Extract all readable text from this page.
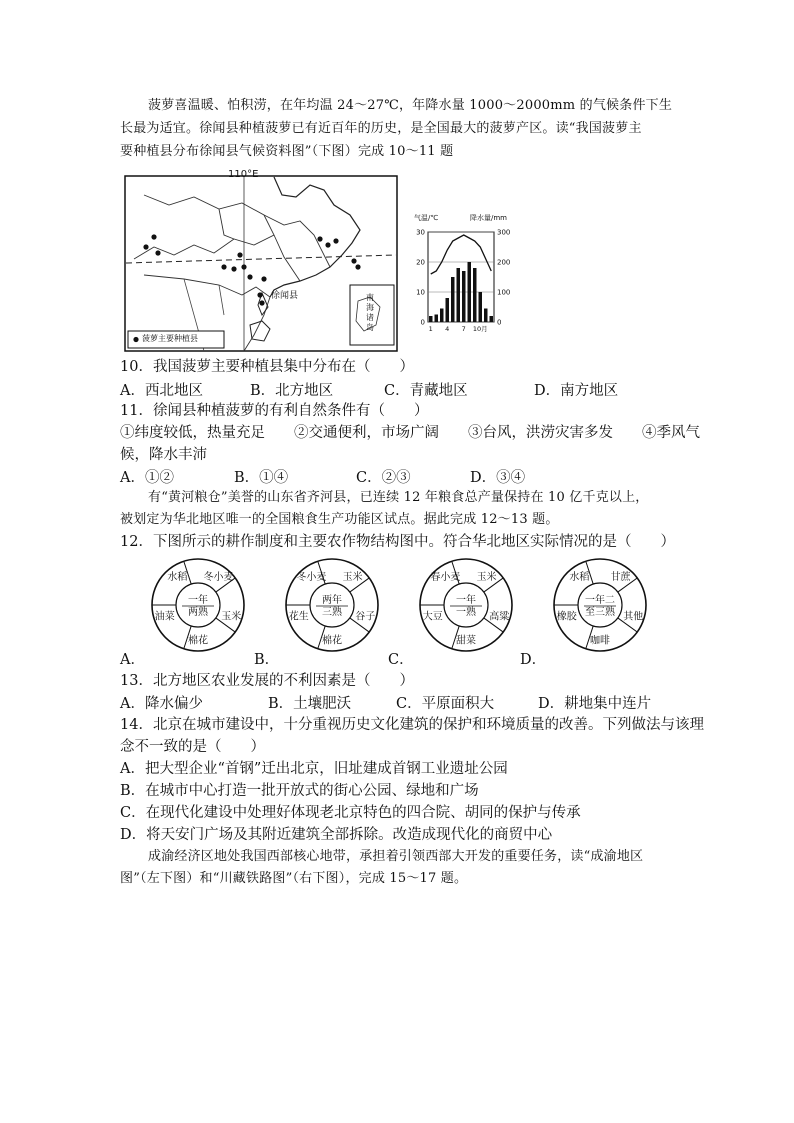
菠萝喜温暖、怕积涝，在年均温 24～27℃，年降水量 1000～2000mm 的气候条件下生
长最为适宜。徐闻县种植菠萝已有近百年的历史，是全国最大的菠萝产区。读“我国菠萝主
要种植县分布徐闻县气候资料图”（下图）完成 10～11 题
110°E
徐闻县	南海诸岛
菠萝主要种植县
气温/℃	降水量/mm
30
20
10
0
300
200
100
0
1 4 7 10月
10．我国菠萝主要种植县集中分布在（　　）
A．西北地区	B．北方地区	C．青藏地区	D．南方地区
11．徐闻县种植菠萝的有利自然条件有（　　）
①纬度较低，热量充足　　②交通便利，市场广阔　　③台风，洪涝灾害多发　　④季风气
候，降水丰沛
A．①②	B．①④	C．②③	D．③④
有“黄河粮仓”美誉的山东省齐河县，已连续 12 年粮食总产量保持在 10 亿千克以上，
被划定为华北地区唯一的全国粮食生产功能区试点。据此完成 12～13 题。
12．下图所示的耕作制度和主要农作物结构图中。符合华北地区实际情况的是（　　）
水稻 冬小麦
玉米
棉花
油菜
一年
两熟
冬小麦 玉米
谷子
棉花
花生
两年
三熟
春小麦 玉米
高粱
甜菜
大豆
一年
一熟
水稻 甘蔗
其他
咖啡
橡胶
一年二
至三熟
A．	B．	C．	D．
13．北方地区农业发展的不利因素是（　　）
A．降水偏少	B．土壤肥沃	C．平原面积大	D．耕地集中连片
14．北京在城市建设中，十分重视历史文化建筑的保护和环境质量的改善。下列做法与该理
念不一致的是（　　）
A．把大型企业“首钢”迁出北京，旧址建成首钢工业遗址公园
B．在城市中心打造一批开放式的街心公园、绿地和广场
C．在现代化建设中处理好体现老北京特色的四合院、胡同的保护与传承
D．将天安门广场及其附近建筑全部拆除。改造成现代化的商贸中心
成渝经济区地处我国西部核心地带，承担着引领西部大开发的重要任务，读“成渝地区
图”（左下图）和“川藏铁路图”（右下图），完成 15～17 题。
